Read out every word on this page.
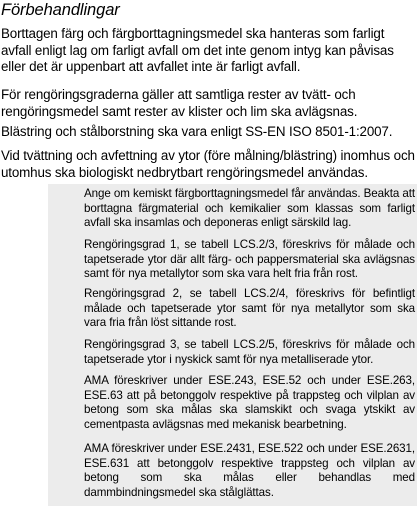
Förbehandlingar

Borttagen färg och färgborttagningsmedel ska hanteras som farligt avfall enligt lag om farligt avfall om det inte genom intyg kan påvisas eller det är uppenbart att avfallet inte är farligt avfall.

För rengöringsgraderna gäller att samtliga rester av tvätt- och rengöringsmedel samt rester av klister och lim ska avlägsnas.

Blästring och stålborstning ska vara enligt SS-EN ISO 8501-1:2007.

Vid tvättning och avfettning av ytor (före målning/blästring) inomhus och utomhus ska biologiskt nedbrytbart rengöringsmedel användas.

Ange om kemiskt färgborttagningsmedel får användas. Beakta att borttagna färgmaterial och kemikalier som klassas som farligt avfall ska insamlas och deponeras enligt särskild lag.

Rengöringsgrad 1, se tabell LCS.2/3, föreskrivs för målade och tapetserade ytor där allt färg- och pappersmaterial ska avlägsnas samt för nya metallytor som ska vara helt fria från rost.

Rengöringsgrad 2, se tabell LCS.2/4, föreskrivs för befintligt målade och tapetserade ytor samt för nya metallytor som ska vara fria från löst sittande rost.

Rengöringsgrad 3, se tabell LCS.2/5, föreskrivs för målade och tapetserade ytor i nyskick samt för nya metalliserade ytor.

AMA föreskriver under ESE.243, ESE.52 och under ESE.263, ESE.63 att på betonggolv respektive på trappsteg och vilplan av betong som ska målas ska slamskikt och svaga ytskikt av cementpasta avlägsnas med mekanisk bearbetning.

AMA föreskriver under ESE.2431, ESE.522 och under ESE.2631, ESE.631 att betonggolv respektive trappsteg och vilplan av betong som ska målas eller behandlas med dammbindningsmedel ska stålglättas.
